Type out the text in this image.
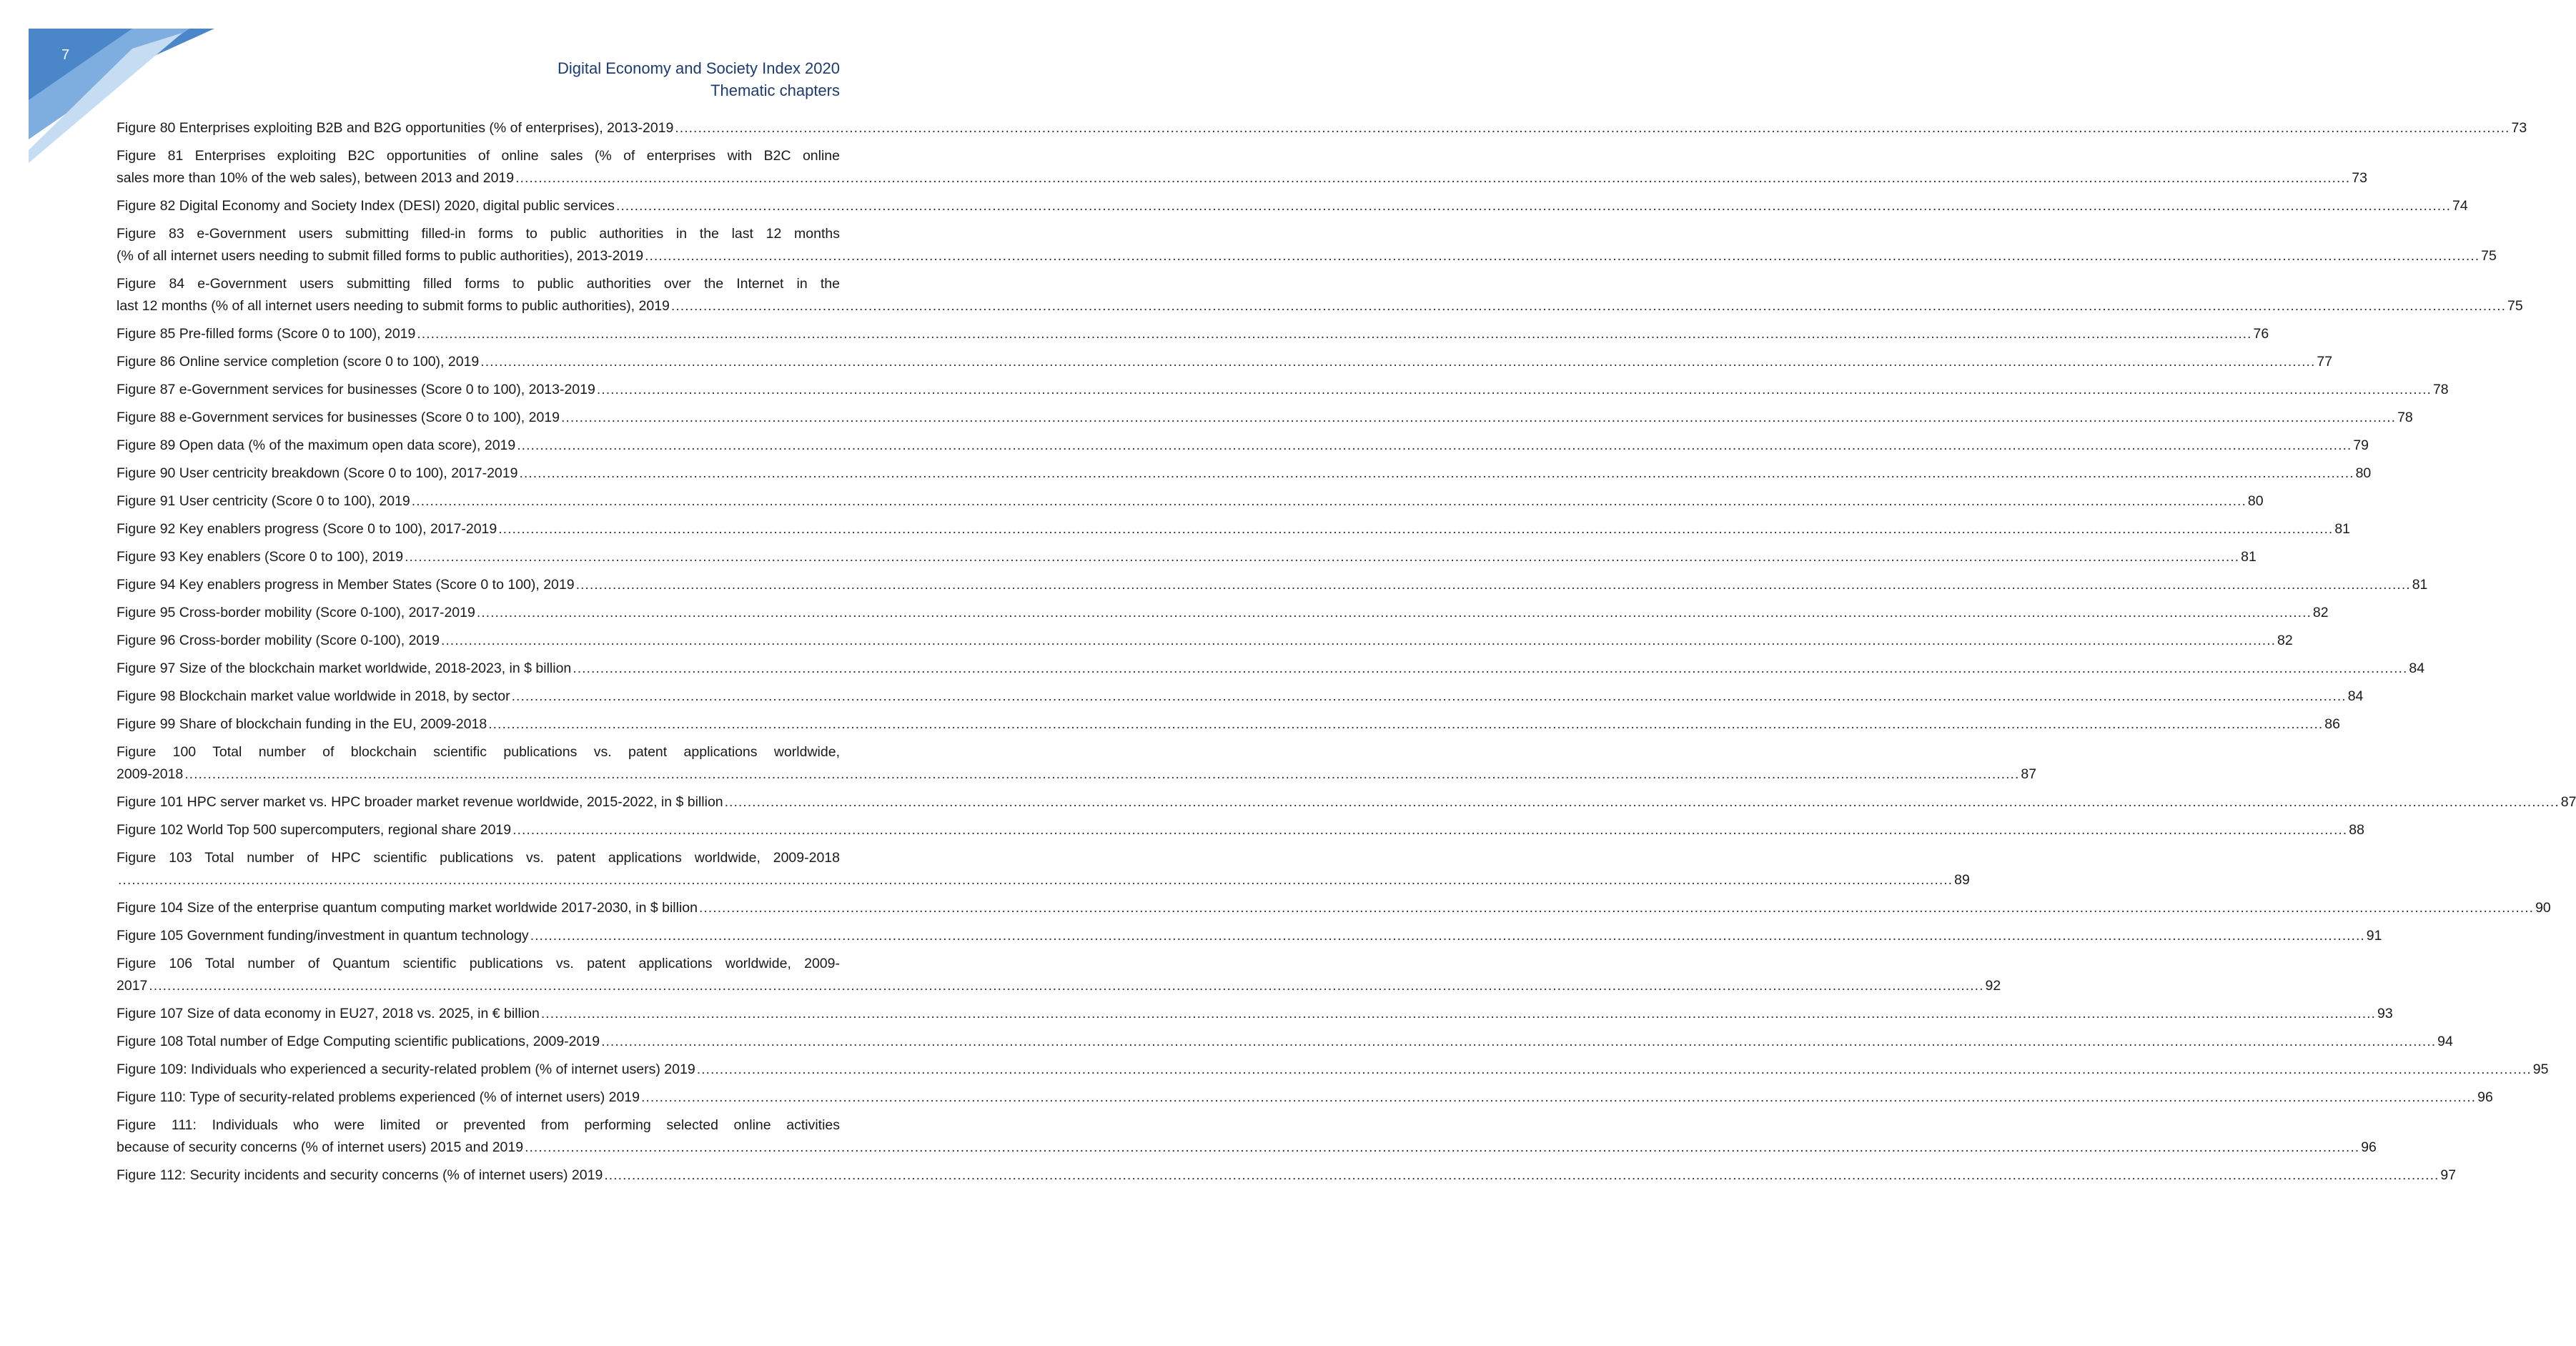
7
Digital Economy and Society Index 2020
Thematic chapters
Figure 80 Enterprises exploiting B2B and B2G opportunities (% of enterprises), 2013-2019 ................................................................................................................................................................................................................................................................................................................................................................................................................ 73
Figure 81 Enterprises exploiting B2C opportunities of online sales (% of enterprises with B2C online
sales more than 10% of the web sales), between 2013 and 2019 ................................................................................................................................................................................................................................................................................................................................................................................................................ 73
Figure 82 Digital Economy and Society Index (DESI) 2020, digital public services ................................................................................................................................................................................................................................................................................................................................................................................................................ 74
Figure 83 e-Government users submitting filled-in forms to public authorities in the last 12 months
(% of all internet users needing to submit filled forms to public authorities), 2013-2019 ................................................................................................................................................................................................................................................................................................................................................................................................................ 75
Figure 84 e-Government users submitting filled forms to public authorities over the Internet in the
last 12 months (% of all internet users needing to submit forms to public authorities), 2019 ................................................................................................................................................................................................................................................................................................................................................................................................................ 75
Figure 85 Pre-filled forms (Score 0 to 100), 2019 ................................................................................................................................................................................................................................................................................................................................................................................................................ 76
Figure 86 Online service completion (score 0 to 100), 2019 ................................................................................................................................................................................................................................................................................................................................................................................................................ 77
Figure 87 e-Government services for businesses (Score 0 to 100), 2013-2019 ................................................................................................................................................................................................................................................................................................................................................................................................................ 78
Figure 88 e-Government services for businesses (Score 0 to 100), 2019 ................................................................................................................................................................................................................................................................................................................................................................................................................ 78
Figure 89 Open data (% of the maximum open data score), 2019 ................................................................................................................................................................................................................................................................................................................................................................................................................ 79
Figure 90 User centricity breakdown (Score 0 to 100), 2017-2019 ................................................................................................................................................................................................................................................................................................................................................................................................................ 80
Figure 91 User centricity (Score 0 to 100), 2019 ................................................................................................................................................................................................................................................................................................................................................................................................................ 80
Figure 92 Key enablers progress (Score 0 to 100), 2017-2019 ................................................................................................................................................................................................................................................................................................................................................................................................................ 81
Figure 93 Key enablers (Score 0 to 100), 2019 ................................................................................................................................................................................................................................................................................................................................................................................................................ 81
Figure 94 Key enablers progress in Member States (Score 0 to 100), 2019 ................................................................................................................................................................................................................................................................................................................................................................................................................ 81
Figure 95 Cross-border mobility (Score 0-100), 2017-2019 ................................................................................................................................................................................................................................................................................................................................................................................................................ 82
Figure 96 Cross-border mobility (Score 0-100), 2019 ................................................................................................................................................................................................................................................................................................................................................................................................................ 82
Figure 97 Size of the blockchain market worldwide, 2018-2023, in $ billion ................................................................................................................................................................................................................................................................................................................................................................................................................ 84
Figure 98 Blockchain market value worldwide in 2018, by sector ................................................................................................................................................................................................................................................................................................................................................................................................................ 84
Figure 99 Share of blockchain funding in the EU, 2009-2018 ................................................................................................................................................................................................................................................................................................................................................................................................................ 86
Figure 100 Total number of blockchain scientific publications vs. patent applications worldwide,
2009-2018 ................................................................................................................................................................................................................................................................................................................................................................................................................ 87
Figure 101 HPC server market vs. HPC broader market revenue worldwide, 2015-2022, in $ billion ................................................................................................................................................................................................................................................................................................................................................................................................................ 87
Figure 102 World Top 500 supercomputers, regional share 2019 ................................................................................................................................................................................................................................................................................................................................................................................................................ 88
Figure 103 Total number of HPC scientific publications vs. patent applications worldwide, 2009-2018
................................................................................................................................................................................................................................................................................................................................................................................................................ 89
Figure 104 Size of the enterprise quantum computing market worldwide 2017-2030, in $ billion ................................................................................................................................................................................................................................................................................................................................................................................................................ 90
Figure 105 Government funding/investment in quantum technology ................................................................................................................................................................................................................................................................................................................................................................................................................ 91
Figure 106 Total number of Quantum scientific publications vs. patent applications worldwide, 2009-
2017 ................................................................................................................................................................................................................................................................................................................................................................................................................ 92
Figure 107 Size of data economy in EU27, 2018 vs. 2025, in € billion ................................................................................................................................................................................................................................................................................................................................................................................................................ 93
Figure 108 Total number of Edge Computing scientific publications, 2009-2019 ................................................................................................................................................................................................................................................................................................................................................................................................................ 94
Figure 109: Individuals who experienced a security-related problem (% of internet users) 2019 ................................................................................................................................................................................................................................................................................................................................................................................................................ 95
Figure 110: Type of security-related problems experienced (% of internet users) 2019 ................................................................................................................................................................................................................................................................................................................................................................................................................ 96
Figure 111: Individuals who were limited or prevented from performing selected online activities
because of security concerns (% of internet users) 2015 and 2019 ................................................................................................................................................................................................................................................................................................................................................................................................................ 96
Figure 112: Security incidents and security concerns (% of internet users) 2019 ................................................................................................................................................................................................................................................................................................................................................................................................................ 97
